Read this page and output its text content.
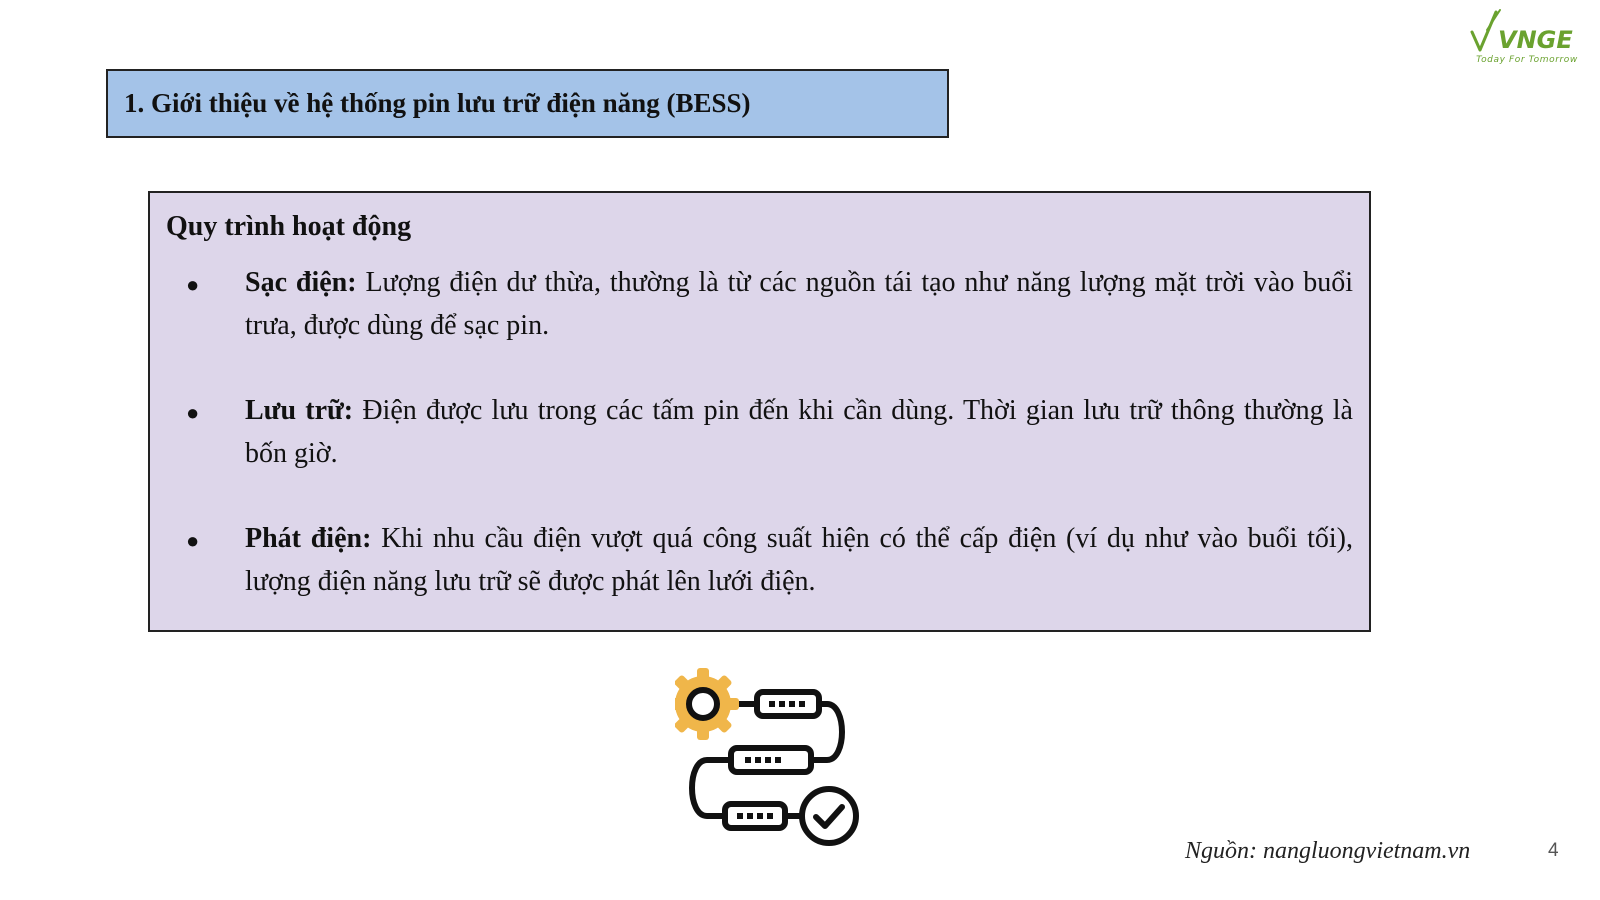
VNGE
Today For Tomorrow
1. Giới thiệu về hệ thống pin lưu trữ điện năng (BESS)
Quy trình hoạt động
● Sạc điện: Lượng điện dư thừa, thường là từ các nguồn tái tạo như năng lượng mặt trời vào buổi trưa, được dùng để sạc pin.
● Lưu trữ: Điện được lưu trong các tấm pin đến khi cần dùng. Thời gian lưu trữ thông thường là bốn giờ.
● Phát điện: Khi nhu cầu điện vượt quá công suất hiện có thể cấp điện (ví dụ như vào buổi tối), lượng điện năng lưu trữ sẽ được phát lên lưới điện.
Nguồn: nangluongvietnam.vn	4
